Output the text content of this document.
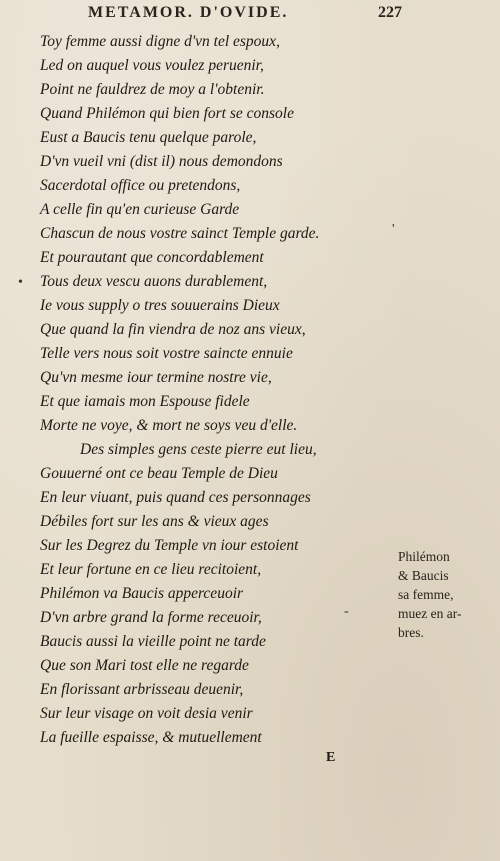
METAMOR. D'OVIDE.	227
Toy femme aussi digne d'vn tel espoux,
Led on auquel vous voulez peruenir,
Point ne fauldrez de moy a l'obtenir.
Quand Philémon qui bien fort se console
Eust a Baucis tenu quelque parole,
D'vn vueil vni (dist il) nous demondons
Sacerdotal office ou pretendons,
A celle fin qu'en curieuse Garde
Chascun de nous vostre sainct Temple garde.
Et pourautant que concordablement
Tous deux vescu auons durablement,
Ie vous supply o tres souuerains Dieux
Que quand la fin viendra de noz ans vieux,
Telle vers nous soit vostre saincte ennuie
Qu'vn mesme iour termine nostre vie,
Et que iamais mon Espouse fidele
Morte ne voye, & mort ne soys veu d'elle.
Des simples gens ceste pierre eut lieu,
Gouuerné ont ce beau Temple de Dieu
En leur viuant, puis quand ces personnages
Débiles fort sur les ans & vieux ages
Sur les Degrez du Temple vn iour estoient
Et leur fortune en ce lieu recitoient,
Philémon va Baucis apperceuoir
D'vn arbre grand la forme receuoir,
Baucis aussi la vieille point ne tarde
Que son Mari tost elle ne regarde
En florissant arbrisseau deuenir,
Sur leur visage on voit desia venir
La fueille espaisse, & mutuellement
Philémon
& Baucis
sa femme,
muez en ar-
bres.
•
'
-
E
